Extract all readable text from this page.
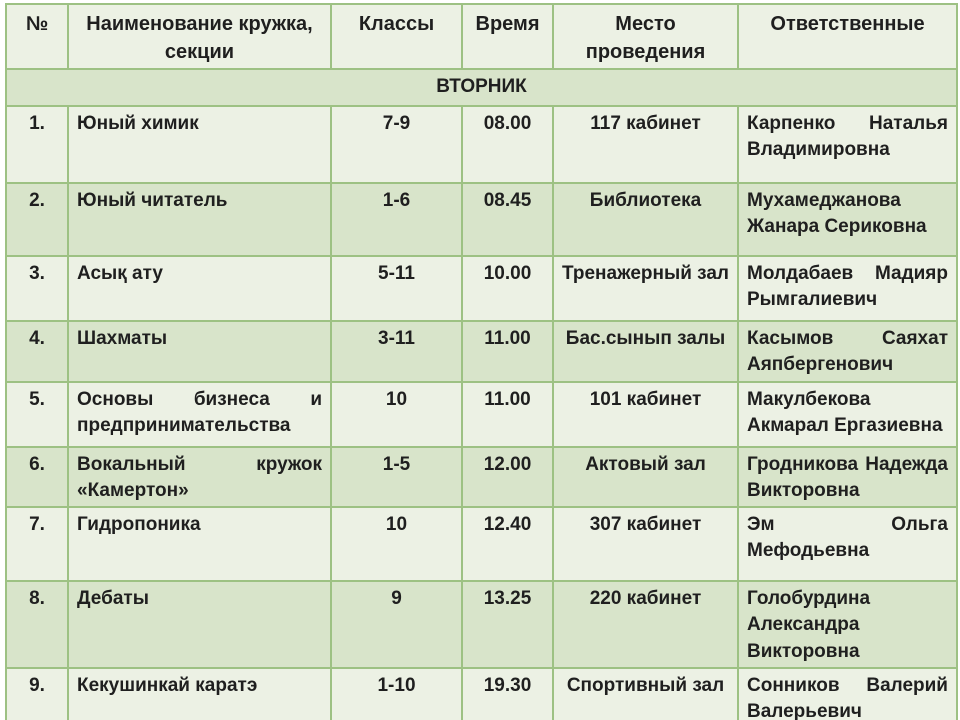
№	Наименование кружка, секции	Классы	Время	Место проведения	Ответственные
ВТОРНИК					
1.	Юный химик	7-9	08.00	117 кабинет	Карпенко Наталья Владимировна
2.	Юный читатель	1-6	08.45	Библиотека	Мухамеджанова Жанара Сериковна
3.	Асық ату	5-11	10.00	Тренажерный зал	Молдабаев Мадияр Рымгалиевич
4.	Шахматы	3-11	11.00	Бас.сынып залы	Касымов Саяхат Аяпбергенович
5.	Основы бизнеса и предпринимательства	10	11.00	101 кабинет	Макулбекова Акмарал Ергазиевна
6.	Вокальный кружок «Камертон»	1-5	12.00	Актовый зал	Гродникова Надежда Викторовна
7.	Гидропоника	10	12.40	307 кабинет	Эм Ольга Мефодьевна
8.	Дебаты	9	13.25	220 кабинет	Голобурдина Александра Викторовна
9.	Кекушинкай каратэ	1-10	19.30	Спортивный зал	Сонников Валерий Валерьевич
